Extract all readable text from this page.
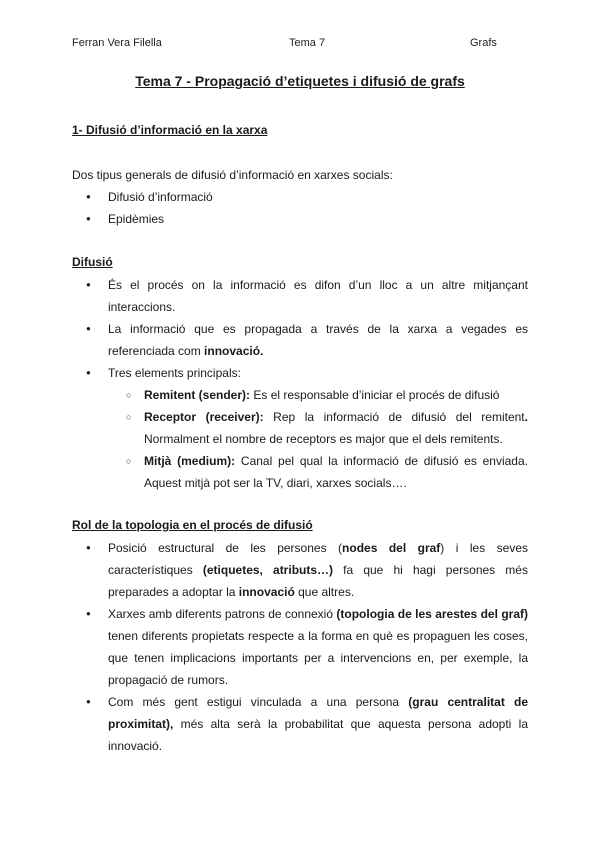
Ferran Vera Filella	Tema 7	Grafs
Tema 7 - Propagació d’etiquetes i difusió de grafs
1- Difusió d’informació en la xarxa
Dos tipus generals de difusió d’informació en xarxes socials:
● Difusió d’informació
● Epidèmies
Difusió
● És el procés on la informació es difon d’un lloc a un altre mitjançant interaccions.
● La informació que es propagada a través de la xarxa a vegades es referenciada com innovació.
● Tres elements principals:
○ Remitent (sender): Es el responsable d’iniciar el procés de difusió
○ Receptor (receiver): Rep la informació de difusió del remitent. Normalment el nombre de receptors es major que el dels remitents.
○ Mitjà (medium): Canal pel qual la informació de difusió es enviada. Aquest mitjà pot ser la TV, diari, xarxes socials….
Rol de la topologia en el procés de difusió
● Posició estructural de les persones (nodes del graf) i les seves característiques (etiquetes, atributs…) fa que hi hagi persones més preparades a adoptar la innovació que altres.
● Xarxes amb diferents patrons de connexió (topologia de les arestes del graf) tenen diferents propietats respecte a la forma en què es propaguen les coses, que tenen implicacions importants per a intervencions en, per exemple, la propagació de rumors.
● Com més gent estigui vinculada a una persona (grau centralitat de proximitat), més alta serà la probabilitat que aquesta persona adopti la innovació.
